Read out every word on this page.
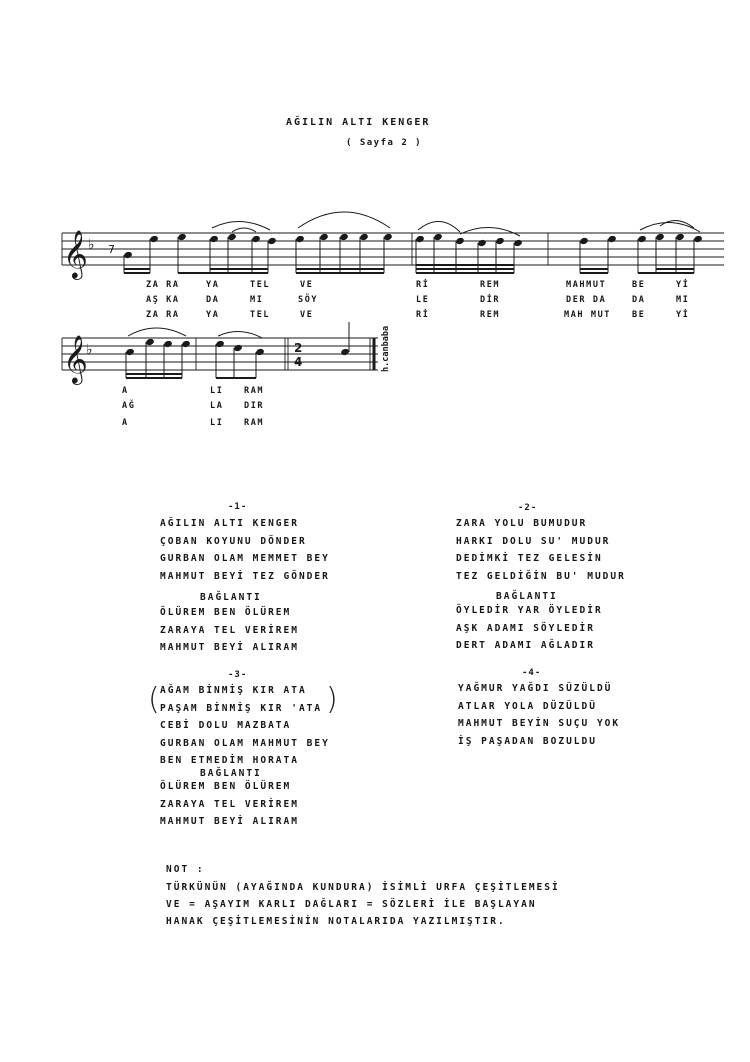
AĞILIN ALTI KENGER
( Sayfa 2 )
𝄞 ♭ 7
𝄞
♭	2
4	h.canbaba
ZA RA	YA	TEL	VE	Rİ	REM	MAHMUT	BE	Yİ
AŞ KA	DA	MI	SÖY	LE	DİR	DER DA	DA	MI
ZA RA	YA	TEL	VE	Rİ	REM	MAH MUT BE	Yİ
A	LI RAM
AĞ	LA DIR
A	LI RAM
-1-
AĞILIN ALTI KENGER
ÇOBAN KOYUNU DÖNDER
GURBAN OLAM MEMMET BEY
MAHMUT BEYİ TEZ GÖNDER
BAĞLANTI
ÖLÜREM BEN ÖLÜREM
ZARAYA TEL VERİREM
MAHMUT BEYİ ALIRAM
-2-
ZARA YOLU BUMUDUR
HARKI DOLU SU' MUDUR
DEDİMKİ TEZ GELESİN
TEZ GELDİĞİN BU' MUDUR
BAĞLANTI
ÖYLEDİR YAR ÖYLEDİR
AŞK ADAMI SÖYLEDİR
DERT ADAMI AĞLADIR
-3-
(	)
AĞAM BİNMİŞ KIR ATA
PAŞAM BİNMİŞ KIR 'ATA
CEBİ DOLU MAZBATA
GURBAN OLAM MAHMUT BEY
BEN ETMEDİM HORATA
BAĞLANTI
ÖLÜREM BEN ÖLÜREM
ZARAYA TEL VERİREM
MAHMUT BEYİ ALIRAM
-4-
YAĞMUR YAĞDI SÜZÜLDÜ
ATLAR YOLA DÜZÜLDÜ
MAHMUT BEYİN SUÇU YOK
İŞ PAŞADAN BOZULDU
NOT :
TÜRKÜNÜN (AYAĞINDA KUNDURA) İSİMLİ URFA ÇEŞİTLEMESİ
VE = AŞAYIM KARLI DAĞLARI = SÖZLERİ İLE BAŞLAYAN
HANAK ÇEŞİTLEMESİNİN NOTALARIDA YAZILMIŞTIR.
